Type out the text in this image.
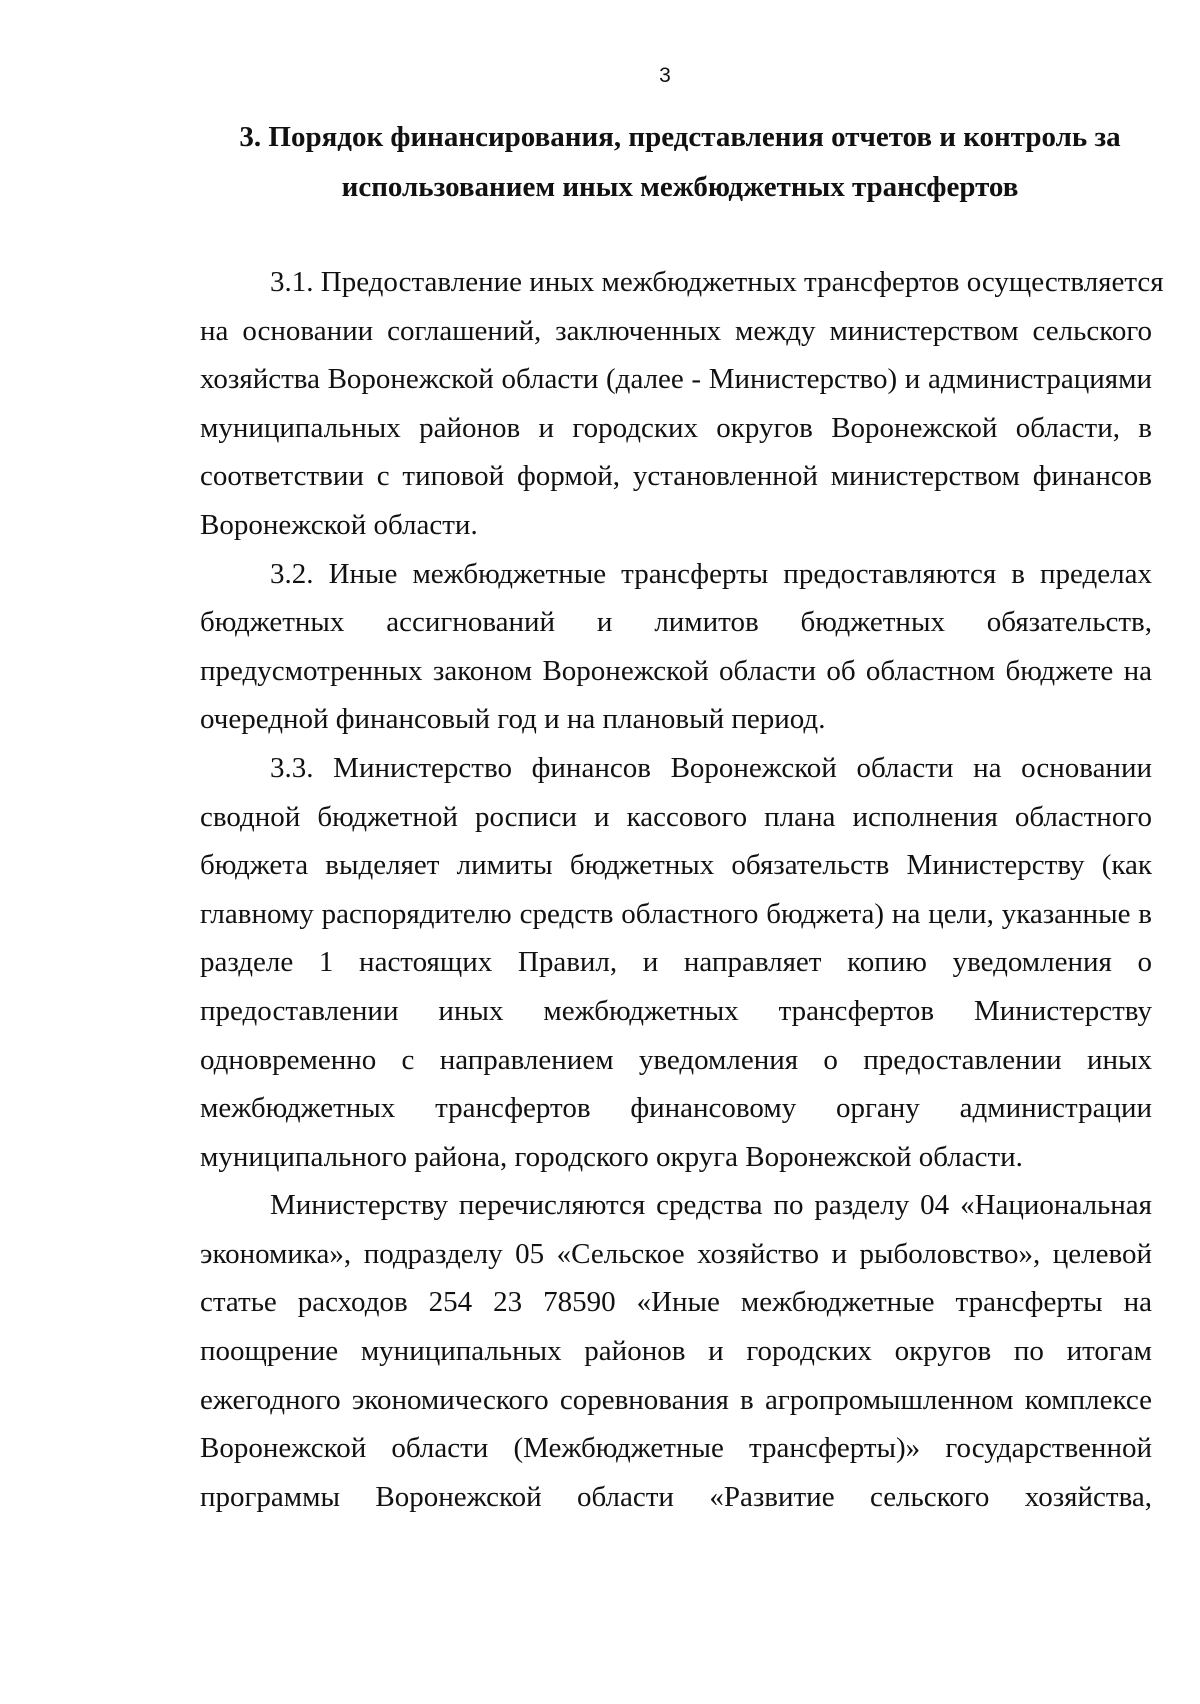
3
3. Порядок финансирования, представления отчетов и контроль за
использованием иных межбюджетных трансфертов
3.1. Предоставление иных межбюджетных трансфертов осуществляется
на основании соглашений, заключенных между министерством сельского
хозяйства Воронежской области (далее - Министерство) и администрациями
муниципальных районов и городских округов Воронежской области, в
соответствии с типовой формой, установленной министерством финансов
Воронежской области.
3.2. Иные межбюджетные трансферты предоставляются в пределах
бюджетных ассигнований и лимитов бюджетных обязательств,
предусмотренных законом Воронежской области об областном бюджете на
очередной финансовый год и на плановый период.
3.3. Министерство финансов Воронежской области на основании
сводной бюджетной росписи и кассового плана исполнения областного
бюджета выделяет лимиты бюджетных обязательств Министерству (как
главному распорядителю средств областного бюджета) на цели, указанные в
разделе 1 настоящих Правил, и направляет копию уведомления о
предоставлении иных межбюджетных трансфертов Министерству
одновременно с направлением уведомления о предоставлении иных
межбюджетных трансфертов финансовому органу администрации
муниципального района, городского округа Воронежской области.
Министерству перечисляются средства по разделу 04 «Национальная
экономика», подразделу 05 «Сельское хозяйство и рыболовство», целевой
статье расходов 254 23 78590 «Иные межбюджетные трансферты на
поощрение муниципальных районов и городских округов по итогам
ежегодного экономического соревнования в агропромышленном комплексе
Воронежской области (Межбюджетные трансферты)» государственной
программы Воронежской области «Развитие сельского хозяйства,
